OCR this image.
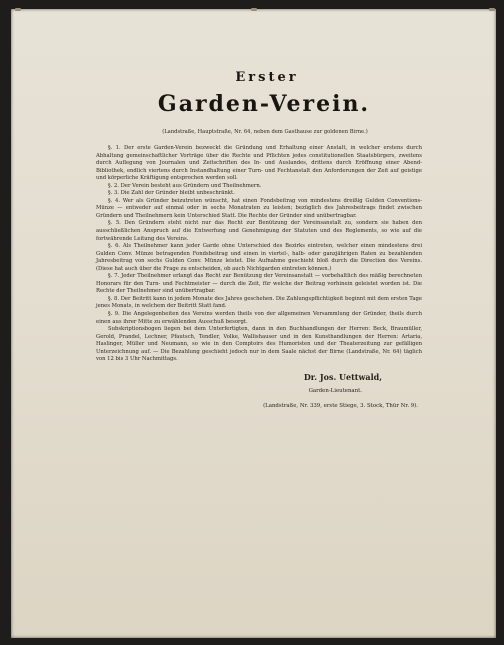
Erster
Garden-Verein.
(Landstraße, Hauptstraße, Nr. 64, neben dem Gasthause zur goldenen Birne.)

§. 1. Der erste Garden-Verein bezweckt die Gründung und Erhaltung einer Anstalt, in welcher erstens durch Abhaltung gemeinschaftlicher Vorträge über die Rechte und Pflichten jedes constitutionellen Staatsbürgers, zweitens durch Auflegung von Journalen und Zeitschriften des In- und Auslandes, drittens durch Eröffnung einer Abend-Bibliothek, endlich viertens durch Instandhaltung einer Turn- und Fechtanstalt den Anforderungen der Zeit auf geistige und körperliche Kräftigung entsprochen werden soll.

§. 2. Der Verein besteht aus Gründern und Theilnehmern.

§. 3. Die Zahl der Gründer bleibt unbeschränkt.

§. 4. Wer als Gründer beizutreten wünscht, hat einen Fondsbeitrag von mindestens dreißig Gulden Conventions-Münze — entweder auf einmal oder in sechs Monatraten zu leisten; bezüglich des Jahresbeitrags findet zwischen Gründern und Theilnehmern kein Unterschied Statt. Die Rechte der Gründer sind unübertragbar.

§. 5. Den Gründern steht nicht nur das Recht zur Benützung der Vereinsanstalt zu, sondern sie haben den ausschließlichen Anspruch auf die Entwerfung und Genehmigung der Statuten und des Reglements, so wie auf die fortwährende Leitung des Vereins.

§. 6. Als Theilnehmer kann jeder Garde ohne Unterschied des Bezirks eintreten, welcher einen mindestens drei Gulden Conv. Münze betragenden Fondsbeitrag und einen in viertel-, halb- oder ganzjährigen Raten zu bezahlenden Jahresbeitrag von sechs Gulden Conv. Münze leistet. Die Aufnahme geschieht bloß durch die Direction des Vereins. (Diese hat auch über die Frage zu entscheiden, ob auch Nichtgarden eintreten können.)

§. 7. Jeder Theilnehmer erlangt das Recht zur Benützung der Vereinsanstalt — vorbehaltlich des mäßig berechneten Honorars für den Turn- und Fechtmeister — durch die Zeit, für welche der Beitrag vorhinein geleistet worden ist. Die Rechte der Theilnehmer sind unübertragbar.

§. 8. Der Beitritt kann in jedem Monate des Jahres geschehen. Die Zahlungspflichtigkeit beginnt mit dem ersten Tage jenes Monats, in welchem der Beitritt Statt fand.

§. 9. Die Angelegenheiten des Vereins werden theils von der allgemeinen Versammlung der Gründer, theils durch einen aus ihrer Mitte zu erwählenden Ausschuß besorgt.

Subskriptionsbogen liegen bei dem Unterfertigten, dann in den Buchhandlungen der Herren: Beck, Braumüller, Gerold, Prandel, Lechner, Pfautsch, Tendler, Volke, Wallishauser und in den Kunsthandlungen der Herren: Artaria, Haslinger, Müller und Neumann, so wie in den Comptoirs des Humoristen und der Theaterzeitung zur gefälligen Unterzeichnung auf. — Die Bezahlung geschieht jedoch nur in dem Saale nächst der Birne (Landstraße, Nr. 64) täglich von 12 bis 3 Uhr Nachmittags.

Dr. Jos. Uettwald,
Garden-Lieutenant.
(Landstraße, Nr. 339, erste Stiege, 3. Stock, Thür Nr. 9).
